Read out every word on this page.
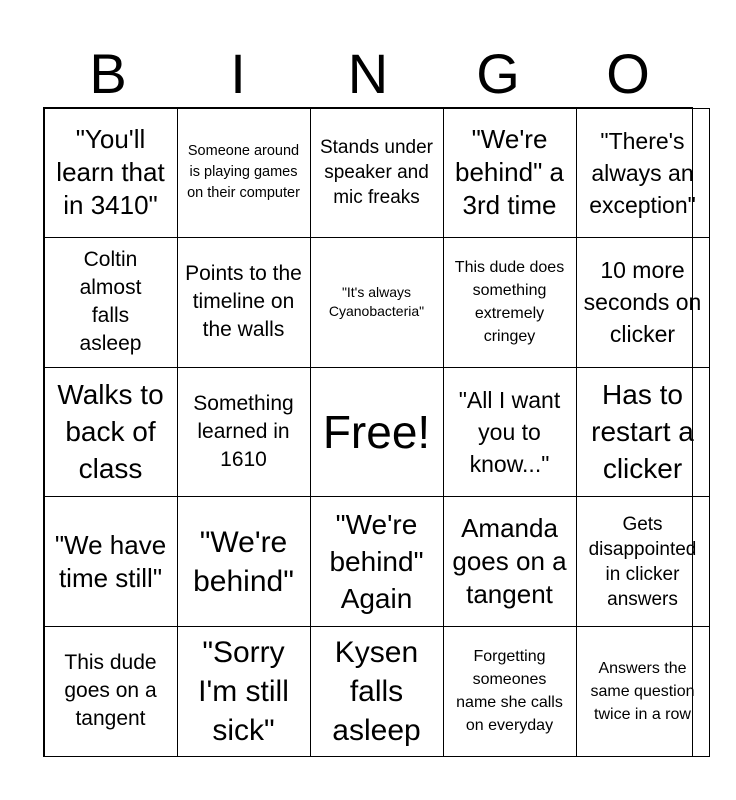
B	I	N	G	O
"You'll learn that in 3410"
Someone around is playing games on their computer
Stands under speaker and mic freaks
"We're behind" a 3rd time
"There's always an exception"
Coltin almost falls asleep
Points to the timeline on the walls
"It's always Cyanobacteria"
This dude does something extremely cringey
10 more seconds on clicker
Walks to back of class
Something learned in 1610
Free!
"All I want you to know..."
Has to restart a clicker
"We have time still"
"We're behind"
"We're behind" Again
Amanda goes on a tangent
Gets disappointed in clicker answers
This dude goes on a tangent
"Sorry I'm still sick"
Kysen falls asleep
Forgetting someones name she calls on everyday
Answers the same question twice in a row
